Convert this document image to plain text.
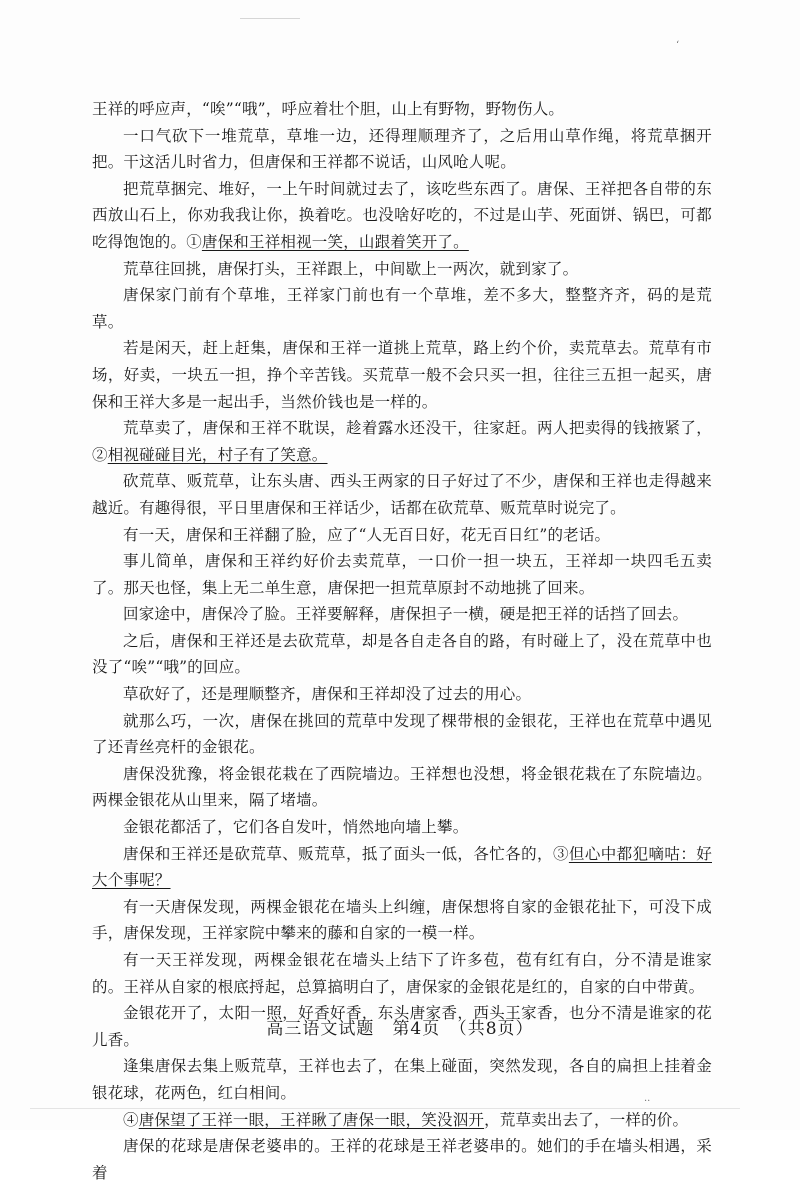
ʻ

王祥的呼应声，“唉”“哦”，呼应着壮个胆，山上有野物，野物伤人。

一口气砍下一堆荒草，草堆一边，还得理顺理齐了，之后用山草作绳，将荒草捆开把。干这活儿时省力，但唐保和王祥都不说话，山风呛人呢。

把荒草捆完、堆好，一上午时间就过去了，该吃些东西了。唐保、王祥把各自带的东西放山石上，你劝我我让你，换着吃。也没啥好吃的，不过是山芋、死面饼、锅巴，可都吃得饱饱的。①唐保和王祥相视一笑，山跟着笑开了。

荒草往回挑，唐保打头，王祥跟上，中间歇上一两次，就到家了。

唐保家门前有个草堆，王祥家门前也有一个草堆，差不多大，整整齐齐，码的是荒草。

若是闲天，赶上赶集，唐保和王祥一道挑上荒草，路上约个价，卖荒草去。荒草有市场，好卖，一块五一担，挣个辛苦钱。买荒草一般不会只买一担，往往三五担一起买，唐保和王祥大多是一起出手，当然价钱也是一样的。

荒草卖了，唐保和王祥不耽误，趁着露水还没干，往家赶。两人把卖得的钱掖紧了，②相视碰碰目光，村子有了笑意。

砍荒草、贩荒草，让东头唐、西头王两家的日子好过了不少，唐保和王祥也走得越来越近。有趣得很，平日里唐保和王祥话少，话都在砍荒草、贩荒草时说完了。

有一天，唐保和王祥翻了脸，应了“人无百日好，花无百日红”的老话。

事儿简单，唐保和王祥约好价去卖荒草，一口价一担一块五，王祥却一块四毛五卖了。那天也怪，集上无二单生意，唐保把一担荒草原封不动地挑了回来。

回家途中，唐保冷了脸。王祥要解释，唐保担子一横，硬是把王祥的话挡了回去。

之后，唐保和王祥还是去砍荒草，却是各自走各自的路，有时碰上了，没在荒草中也没了“唉”“哦”的回应。

草砍好了，还是理顺整齐，唐保和王祥却没了过去的用心。

就那么巧，一次，唐保在挑回的荒草中发现了棵带根的金银花，王祥也在荒草中遇见了还青丝亮杆的金银花。

唐保没犹豫，将金银花栽在了西院墙边。王祥想也没想，将金银花栽在了东院墙边。两棵金银花从山里来，隔了堵墙。

金银花都活了，它们各自发叶，悄然地向墙上攀。

唐保和王祥还是砍荒草、贩荒草，抵了面头一低，各忙各的，③但心中都犯嘀咕：好大个事呢？

有一天唐保发现，两棵金银花在墙头上纠缠，唐保想将自家的金银花扯下，可没下成手，唐保发现，王祥家院中攀来的藤和自家的一模一样。

有一天王祥发现，两棵金银花在墙头上结下了许多苞，苞有红有白，分不清是谁家的。王祥从自家的根底捋起，总算搞明白了，唐保家的金银花是红的，自家的白中带黄。

金银花开了，太阳一照，好香好香，东头唐家香，西头王家香，也分不清是谁家的花儿香。

逢集唐保去集上贩荒草，王祥也去了，在集上碰面，突然发现，各自的扁担上挂着金银花球，花两色，红白相间。

④唐保望了王祥一眼，王祥瞅了唐保一眼，笑没泅开，荒草卖出去了，一样的价。

唐保的花球是唐保老婆串的。王祥的花球是王祥老婆串的。她们的手在墙头相遇，采着

高三语文试题　第4页　（共8页）
··
